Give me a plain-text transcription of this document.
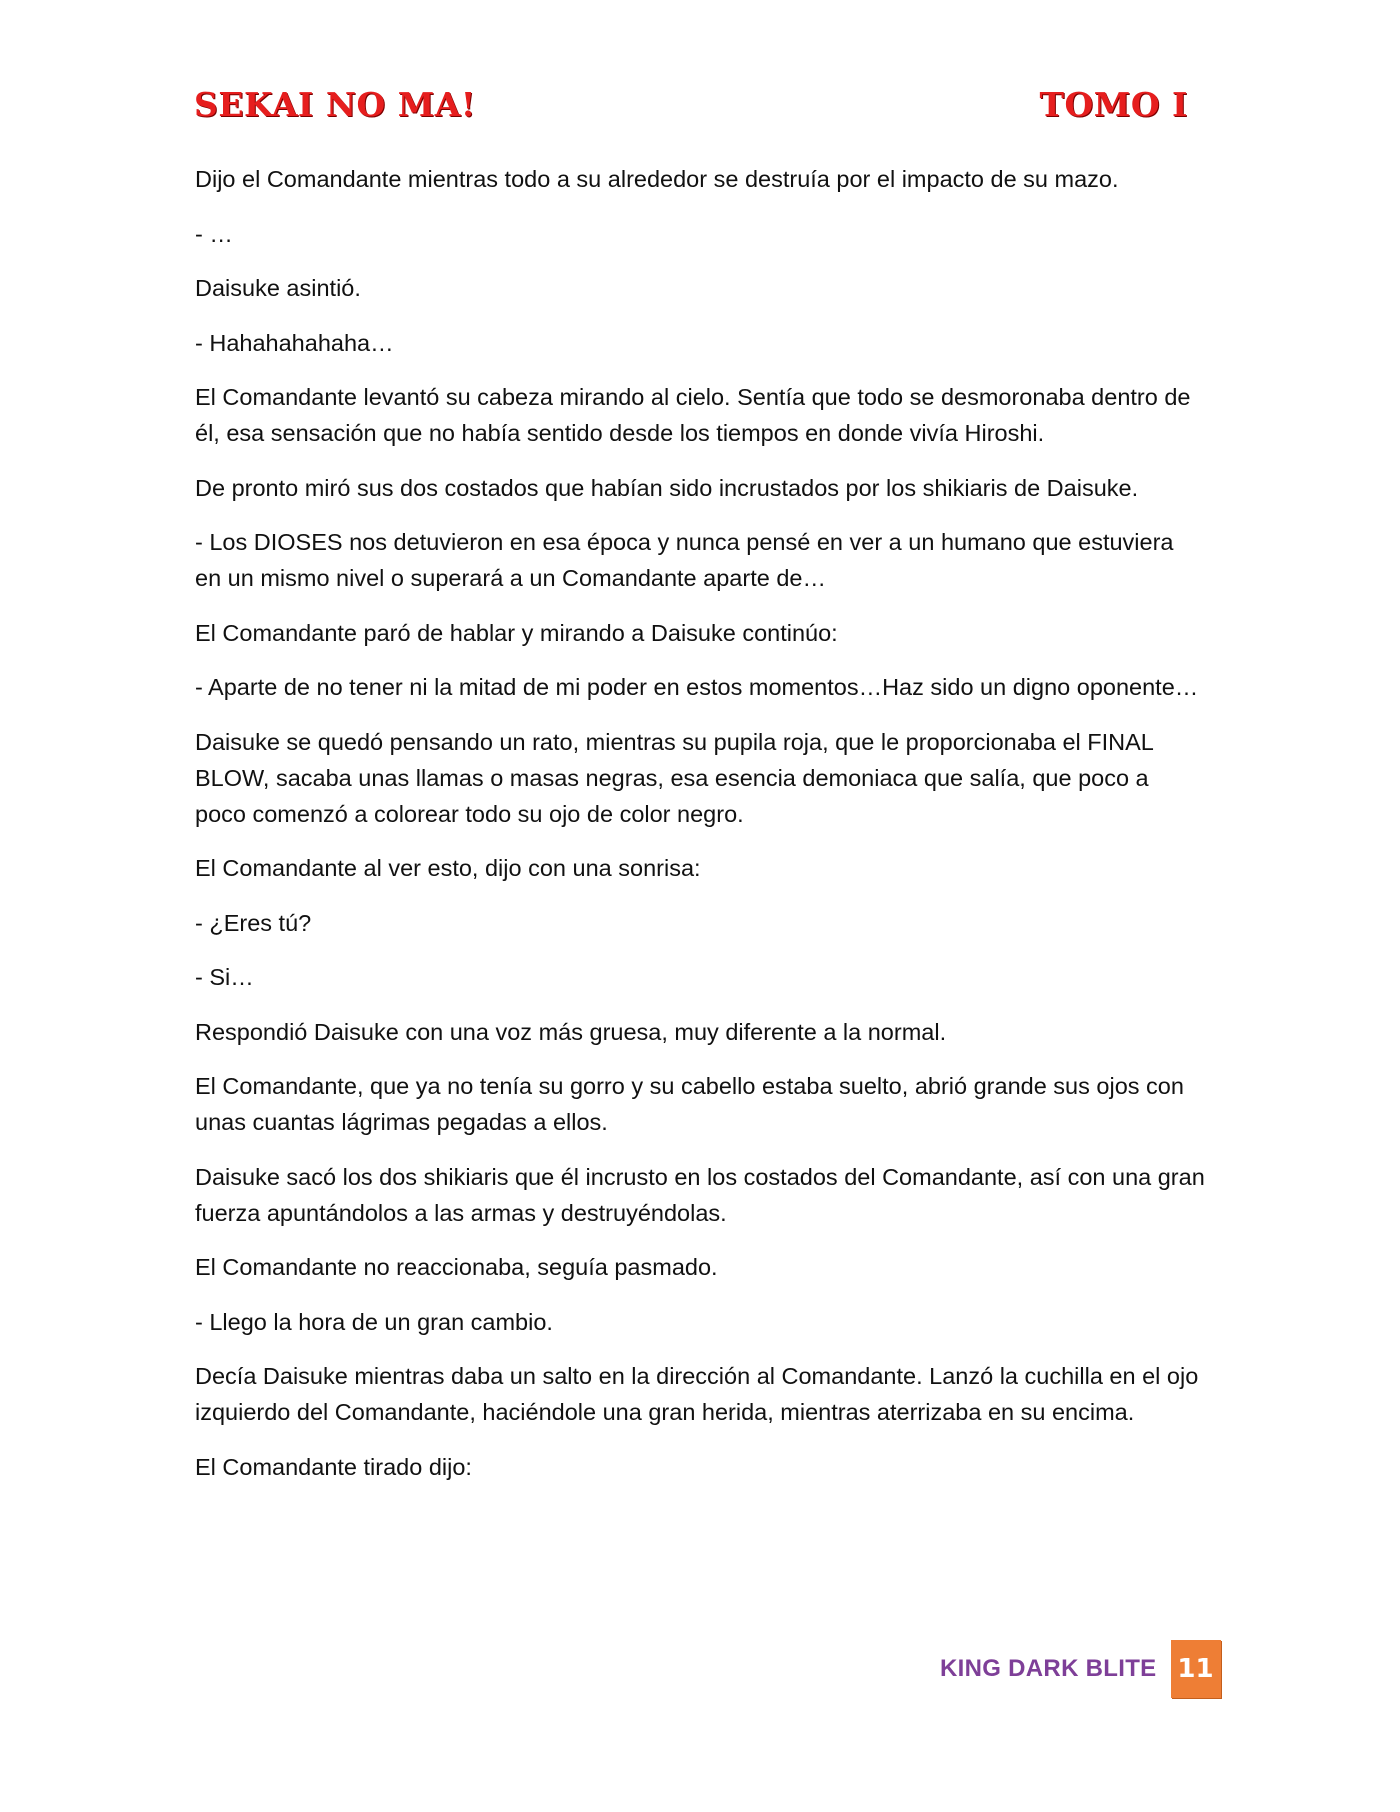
SEKAI NO MA!	TOMO I

Dijo el Comandante mientras todo a su alrededor se destruía por el impacto de su mazo.

- …

Daisuke asintió.

- Hahahahahaha…

El Comandante levantó su cabeza mirando al cielo. Sentía que todo se desmoronaba dentro de él, esa sensación que no había sentido desde los tiempos en donde vivía Hiroshi.

De pronto miró sus dos costados que habían sido incrustados por los shikiaris de Daisuke.

- Los DIOSES nos detuvieron en esa época y nunca pensé en ver a un humano que estuviera en un mismo nivel o superará a un Comandante aparte de…

El Comandante paró de hablar y mirando a Daisuke continúo:

- Aparte de no tener ni la mitad de mi poder en estos momentos…Haz sido un digno oponente…

Daisuke se quedó pensando un rato, mientras su pupila roja, que le proporcionaba el FINAL BLOW, sacaba unas llamas o masas negras, esa esencia demoniaca que salía, que poco a poco comenzó a colorear todo su ojo de color negro.

El Comandante al ver esto, dijo con una sonrisa:

- ¿Eres tú?

- Si…

Respondió Daisuke con una voz más gruesa, muy diferente a la normal.

El Comandante, que ya no tenía su gorro y su cabello estaba suelto, abrió grande sus ojos con unas cuantas lágrimas pegadas a ellos.

Daisuke sacó los dos shikiaris que él incrusto en los costados del Comandante, así con una gran fuerza apuntándolos a las armas y destruyéndolas.

El Comandante no reaccionaba, seguía pasmado.

- Llego la hora de un gran cambio.

Decía Daisuke mientras daba un salto en la dirección al Comandante. Lanzó la cuchilla en el ojo izquierdo del Comandante, haciéndole una gran herida, mientras aterrizaba en su encima.

El Comandante tirado dijo:

KING DARK BLITE 11
